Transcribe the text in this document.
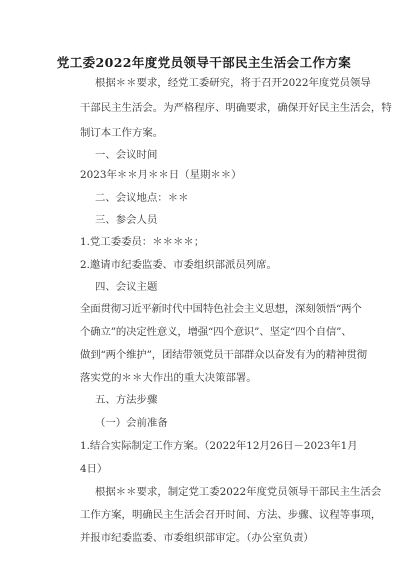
党工委2022年度党员领导干部民主生活会工作方案
根据＊＊要求，经党工委研究，将于召开2022年度党员领导
干部民主生活会。为严格程序、明确要求，确保开好民主生活会，特
制订本工作方案。
一、会议时间
2023年＊＊月＊＊日（星期＊＊）
二、会议地点：＊＊
三、参会人员
1.党工委委员：＊＊＊＊；
2.邀请市纪委监委、市委组织部派员列席。
四、会议主题
全面贯彻习近平新时代中国特色社会主义思想，深刻领悟“两个
个确立”的决定性意义，增强“四个意识”、坚定“四个自信”、
做到“两个维护”，团结带领党员干部群众以奋发有为的精神贯彻
落实党的＊＊大作出的重大决策部署。
五、方法步骤
（一）会前准备
1.结合实际制定工作方案。（2022年12月26日－2023年1月
4日）
根据＊＊要求，制定党工委2022年度党员领导干部民主生活会
工作方案，明确民主生活会召开时间、方法、步骤、议程等事项，
并报市纪委监委、市委组织部审定。（办公室负责）
